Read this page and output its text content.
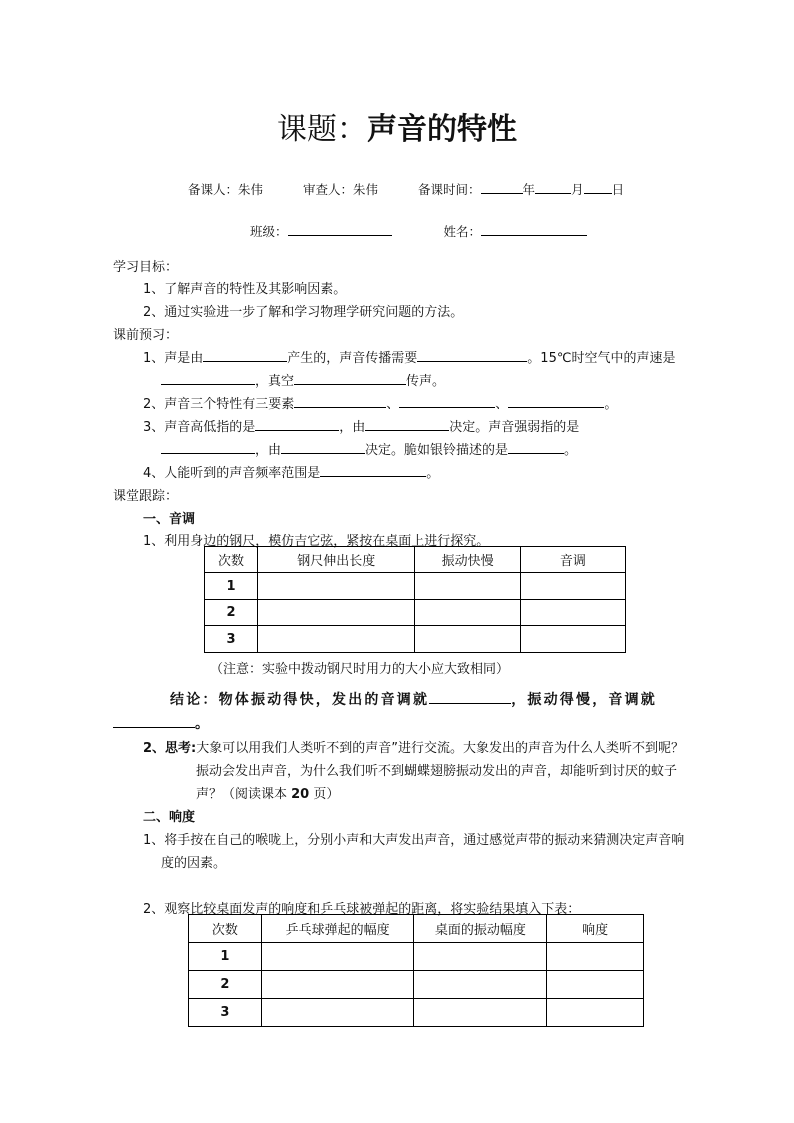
课题：声音的特性
备课人：朱伟	审查人：朱伟	备课时间：	年	月 日
班级：	姓名：
学习目标：
1、了解声音的特性及其影响因素。
2、通过实验进一步了解和学习物理学研究问题的方法。
课前预习：
1、声是由	产生的，声音传播需要	。15℃时空气中的声速是
，真空	传声。
2、声音三个特性有三要素	、	、	。
3、声音高低指的是	，由	决定。声音强弱指的是
，由	决定。脆如银铃描述的是	。
4、人能听到的声音频率范围是	。
课堂跟踪：
一、音调
1、利用身边的钢尺，模仿吉它弦，紧按在桌面上进行探究。
次数	钢尺伸出长度	振动快慢	音调
1			
2			
3			
（注意：实验中拨动钢尺时用力的大小应大致相同）
结论：物体振动得快，发出的音调就	，振动得慢，音调就
。
2、思考:大象可以用我们人类听不到的声音”进行交流。大象发出的声音为什么人类听不到呢？
振动会发出声音，为什么我们听不到蝴蝶翅膀振动发出的声音，却能听到讨厌的蚊子
声？（阅读课本 20 页）
二、响度
1、将手按在自己的喉咙上，分别小声和大声发出声音，通过感觉声带的振动来猜测决定声音响
度的因素。
2、观察比较桌面发声的响度和乒乓球被弹起的距离，将实验结果填入下表：
次数	乒乓球弹起的幅度	桌面的振动幅度	响度
1			
2			
3			
